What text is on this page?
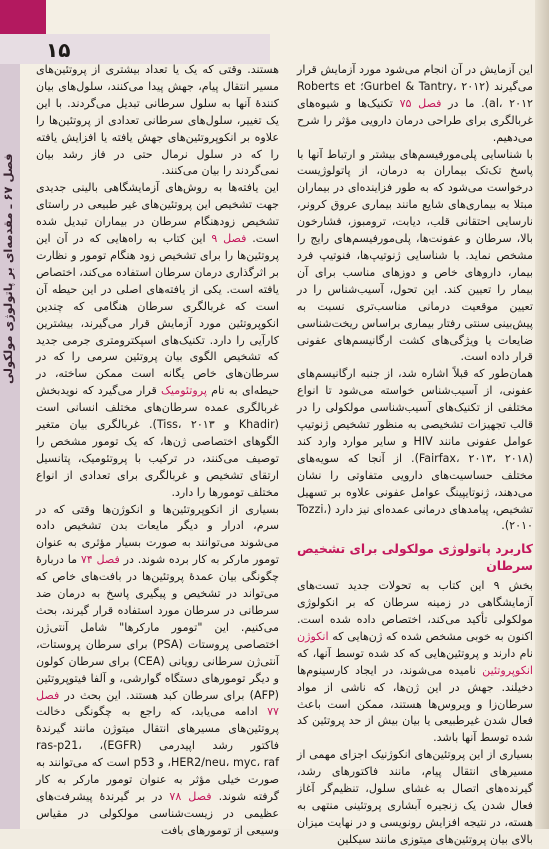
۱۵
فصل ۶۷ ـ مقدمه‌ای بر پاتولوژی مولکولی

این آزمایش در آن انجام می‌شود مورد آزمایش قرار می‌گیرند (Gurbel & Tantry، ۲۰۱۲؛ Roberts et al، ۲۰۱۲). ما در فصل ۷۵ تکنیک‌ها و شیوه‌های غربالگری برای طراحی درمان دارویی مؤثر را شرح می‌دهیم.

با شناسایی پلی‌مورفیسم‌های بیشتر و ارتباط آنها با پاسخ تک‌تک بیماران به درمان، از پاتولوژیست درخواست می‌شود که به طور فزاینده‌ای در بیماران مبتلا به بیماری‌های شایع مانند بیماری عروق کرونر، نارسایی احتقانی قلب، دیابت، ترومبوز، فشارخون بالا، سرطان و عفونت‌ها، پلی‌مورفیسم‌های رایج را مشخص نماید. با شناسایی ژنوتیپ‌ها، فنوتیپ فرد بیمار، داروهای خاص و دوزهای مناسب برای آن بیمار را تعیین کند. این تحول، آسیب‌شناس را در تعیین موقعیت درمانی مناسب‌تری نسبت به پیش‌بینی سنتی رفتار بیماری براساس ریخت‌شناسی ضایعات یا ویژگی‌های کشت ارگانیسم‌های عفونی قرار داده است.

همان‌طور که قبلاً اشاره شد، از جنبه ارگانیسم‌های عفونی، از آسیب‌شناس خواسته می‌شود تا انواع مختلفی از تکنیک‌های آسیب‌شناسی مولکولی را در قالب تجهیزات تشخیصی به منظور تشخیص ژنوتیپ عوامل عفونی مانند HIV و سایر موارد وارد کند (Fairfax، ۲۰۱۳، ۲۰۱۸). از آنجا که سویه‌های مختلف حساسیت‌های دارویی متفاوتی را نشان می‌دهند، ژنوتایپینگ عوامل عفونی علاوه بر تسهیل تشخیص، پیامدهای درمانی عمده‌ای نیز دارد (Tozzi، ۲۰۱۰).

کاربرد پاتولوژی مولکولی برای تشخیص سرطان

بخش ۹ این کتاب به تحولات جدید تست‌های آزمایشگاهی در زمینه سرطان که بر انکولوژی مولکولی تأکید می‌کند، اختصاص داده شده است. اکنون به خوبی مشخص شده که ژن‌هایی که انکوژن نام دارند و پروتئین‌هایی که کد شده توسط آنها، که انکوپروتئین نامیده می‌شوند، در ایجاد کارسینوم‌ها دخیلند. جهش در این ژن‌ها، که ناشی از مواد سرطان‌زا و ویروس‌ها هستند، ممکن است باعث فعال شدن غیرطبیعی یا بیان بیش از حد پروتئین کد شده توسط آنها باشد.

بسیاری از این پروتئین‌های انکوژنیک اجزای مهمی از مسیرهای انتقال پیام، مانند فاکتورهای رشد، گیرنده‌های اتصال به غشای سلول، تنظیم‌گر آغاز فعال شدن یک زنجیره آبشاری پروتئینی منتهی به هسته، در نتیجه افزایش رونویسی و در نهایت میزان بالای بیان پروتئین‌های میتوزی مانند سیکلین

هستند. وقتی که یک یا تعداد بیشتری از پروتئین‌های مسیر انتقال پیام، جهش پیدا می‌کنند، سلول‌های بیان کنندهٔ آنها به سلول سرطانی تبدیل می‌گردند. با این یک تغییر، سلول‌های سرطانی تعدادی از پروتئین‌ها را علاوه بر انکوپروتئین‌های جهش یافته یا افزایش یافته را که در سلول نرمال حتی در فاز رشد بیان نمی‌گردند را بیان می‌کنند.

این یافته‌ها به روش‌های آزمایشگاهی بالینی جدیدی جهت تشخیص این پروتئین‌های غیر طبیعی در راستای تشخیص زودهنگام سرطان در بیماران تبدیل شده است. فصل ۹ این کتاب به راه‌هایی که در آن این پروتئین‌ها را برای تشخیص زود هنگام تومور و نظارت بر اثرگذاری درمان سرطان استفاده می‌کند، اختصاص یافته است. یکی از یافته‌های اصلی در این حیطه آن است که غربالگری سرطان هنگامی که چندین انکوپروتئین مورد آزمایش قرار می‌گیرند، بیشترین کارآیی را دارد. تکنیک‌های اسپکترومتری جرمی جدید که تشخیص الگوی بیان پروتئین سرمی را که در سرطان‌های خاص یگانه است ممکن ساخته، در حیطه‌ای به نام پروتئومیک قرار می‌گیرد که نوید‌بخش غربالگری عمده سرطان‌های مختلف انسانی است (Khadir و Tiss، ۲۰۱۳). غربالگری بیان متغیر الگوهای اختصاصی ژن‌ها، که یک تومور مشخص را توصیف می‌کنند، در ترکیب با پروتئومیک، پتانسیل ارتقای تشخیص و غربالگری برای تعدادی از انواع مختلف تومورها را دارد.

بسیاری از انکوپروتئین‌ها و انکوژن‌ها وقتی که در سرم، ادرار و دیگر مایعات بدن تشخیص داده می‌شوند می‌توانند به صورت بسیار مؤثری به عنوان تومور مارکر به کار برده شوند. در فصل ۷۴ ما دربارهٔ چگونگی بیان عمدهٔ پروتئین‌ها در بافت‌های خاص که می‌تواند در تشخیص و پیگیری پاسخ به درمان ضد سرطانی در سرطان مورد استفاده قرار گیرند، بحث می‌کنیم. این "تومور مارکرها" شامل آنتی‌ژن اختصاصی پروستات (PSA) برای سرطان پروستات، آنتی‌ژن سرطانی رویانی (CEA) برای سرطان کولون و دیگر تومورهای دستگاه گوارشی، و آلفا فیتوپروتئین (AFP) برای سرطان کبد هستند. این بحث در فصل ۷۷ ادامه می‌یابد، که راجع به چگونگی دخالت پروتئین‌های مسیرهای انتقال میتوژن مانند گیرندهٔ فاکتور رشد اپیدرمی (EGFR)، ras-p21، HER2/neu، myc، raf، و p53 است که می‌توانند به صورت خیلی مؤثر به عنوان تومور مارکر به کار گرفته شوند. فصل ۷۸ در بر گیرندهٔ پیشرفت‌های عظیمی در زیست‌شناسی مولکولی در مقیاس وسیعی از تومورهای بافت
